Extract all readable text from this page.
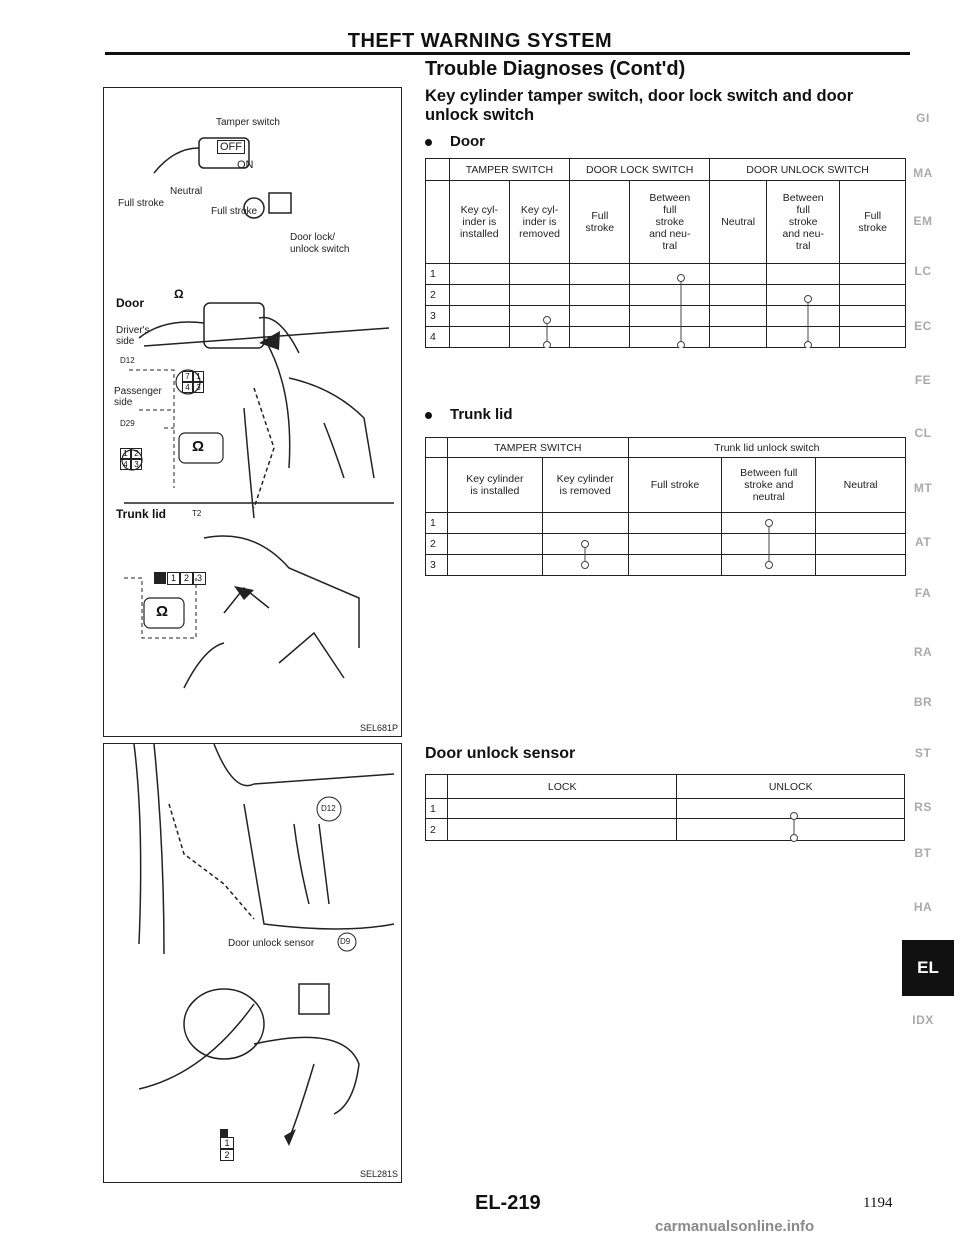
THEFT WARNING SYSTEM
Trouble Diagnoses (Cont'd)
Key cylinder tamper switch, door lock switch and door unlock switch
Door
	TAMPER SWITCH		DOOR LOCK SWITCH		DOOR UNLOCK SWITCH		
	Key cyl-
inder is
installed	Key cyl-
inder is
removed	Full
stroke	Between
full
stroke
and neu-
tral	Neutral	Between
full
stroke
and neu-
tral	Full
stroke
1							
2							
3							
4							
Trunk lid
	TAMPER SWITCH		Trunk lid unlock switch		
	Key cylinder
is installed	Key cylinder
is removed	Full stroke	Between full
stroke and
neutral	Neutral
1					
2					
3					
Door unlock sensor
	LOCK	UNLOCK
1		
2		
Tamper switch
OFF
ON
Neutral
Full stroke
Full stroke
Door lock/
unlock switch
Door
Driver's
side
D12
Passenger
side
D29
Ω
Trunk lid	T2
1 2 3
7 1
4 3
1 2
4 3
Ω
Ω
SEL681P
D12
Door unlock sensor	D9
1
2
SEL281S
GI
MA
EM
LC
EC
FE
CL
MT
AT
FA
RA
BR
ST
RS
BT
HA
EL
IDX
EL-219	1194
carmanualsonline.info
